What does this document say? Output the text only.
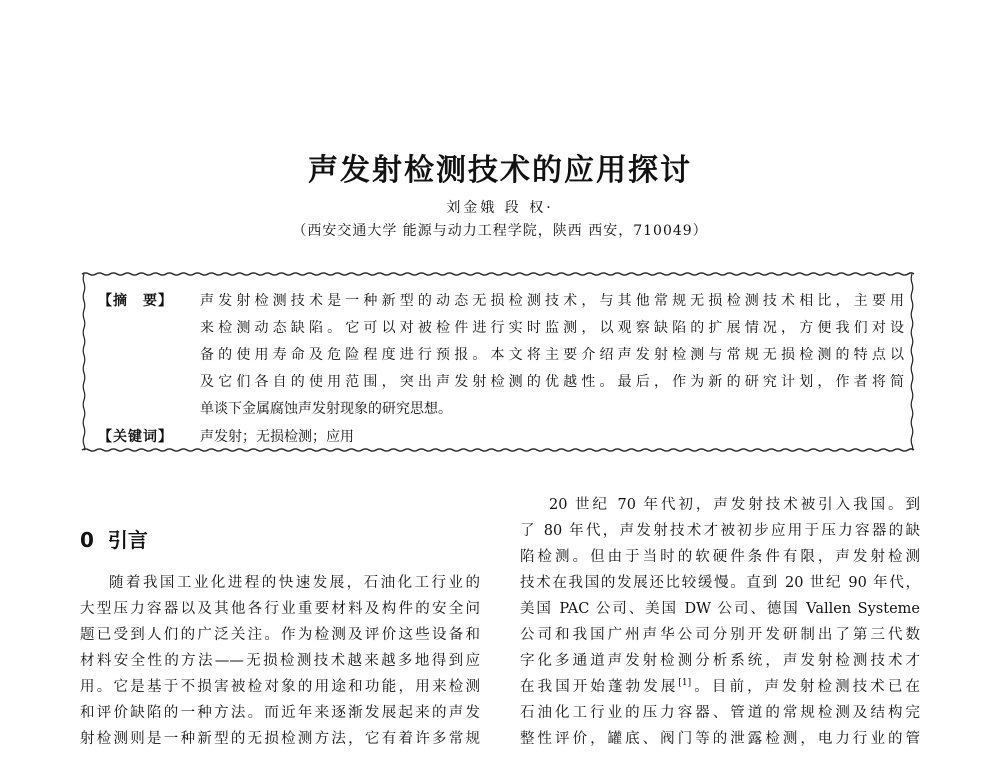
声发射检测技术的应用探讨
刘金娥 段 权·
（西安交通大学 能源与动力工程学院，陕西 西安，710049）
【摘　要】	声发射检测技术是一种新型的动态无损检测技术，与其他常规无损检测技术相比，主要用
来检测动态缺陷。它可以对被检件进行实时监测，以观察缺陷的扩展情况，方便我们对设
备的使用寿命及危险程度进行预报。本文将主要介绍声发射检测与常规无损检测的特点以
及它们各自的使用范围，突出声发射检测的优越性。最后，作为新的研究计划，作者将简
单谈下金属腐蚀声发射现象的研究思想。
【关键词】	声发射；无损检测；应用
0 引言
随着我国工业化进程的快速发展，石油化工行业的
大型压力容器以及其他各行业重要材料及构件的安全问
题已受到人们的广泛关注。作为检测及评价这些设备和
材料安全性的方法——无损检测技术越来越多地得到应
用。它是基于不损害被检对象的用途和功能，用来检测
和评价缺陷的一种方法。而近年来逐渐发展起来的声发
射检测则是一种新型的无损检测方法，它有着许多常规
20 世纪 70 年代初，声发射技术被引入我国。到
了 80 年代，声发射技术才被初步应用于压力容器的缺
陷检测。但由于当时的软硬件条件有限，声发射检测
技术在我国的发展还比较缓慢。直到 20 世纪 90 年代，
美国 PAC 公司、美国 DW 公司、德国 Vallen Systeme
公司和我国广州声华公司分别开发研制出了第三代数
字化多通道声发射检测分析系统，声发射检测技术才
在我国开始蓬勃发展[1]。目前，声发射检测技术已在
石油化工行业的压力容器、管道的常规检测及结构完
整性评价，罐底、阀门等的泄露检测，电力行业的管
